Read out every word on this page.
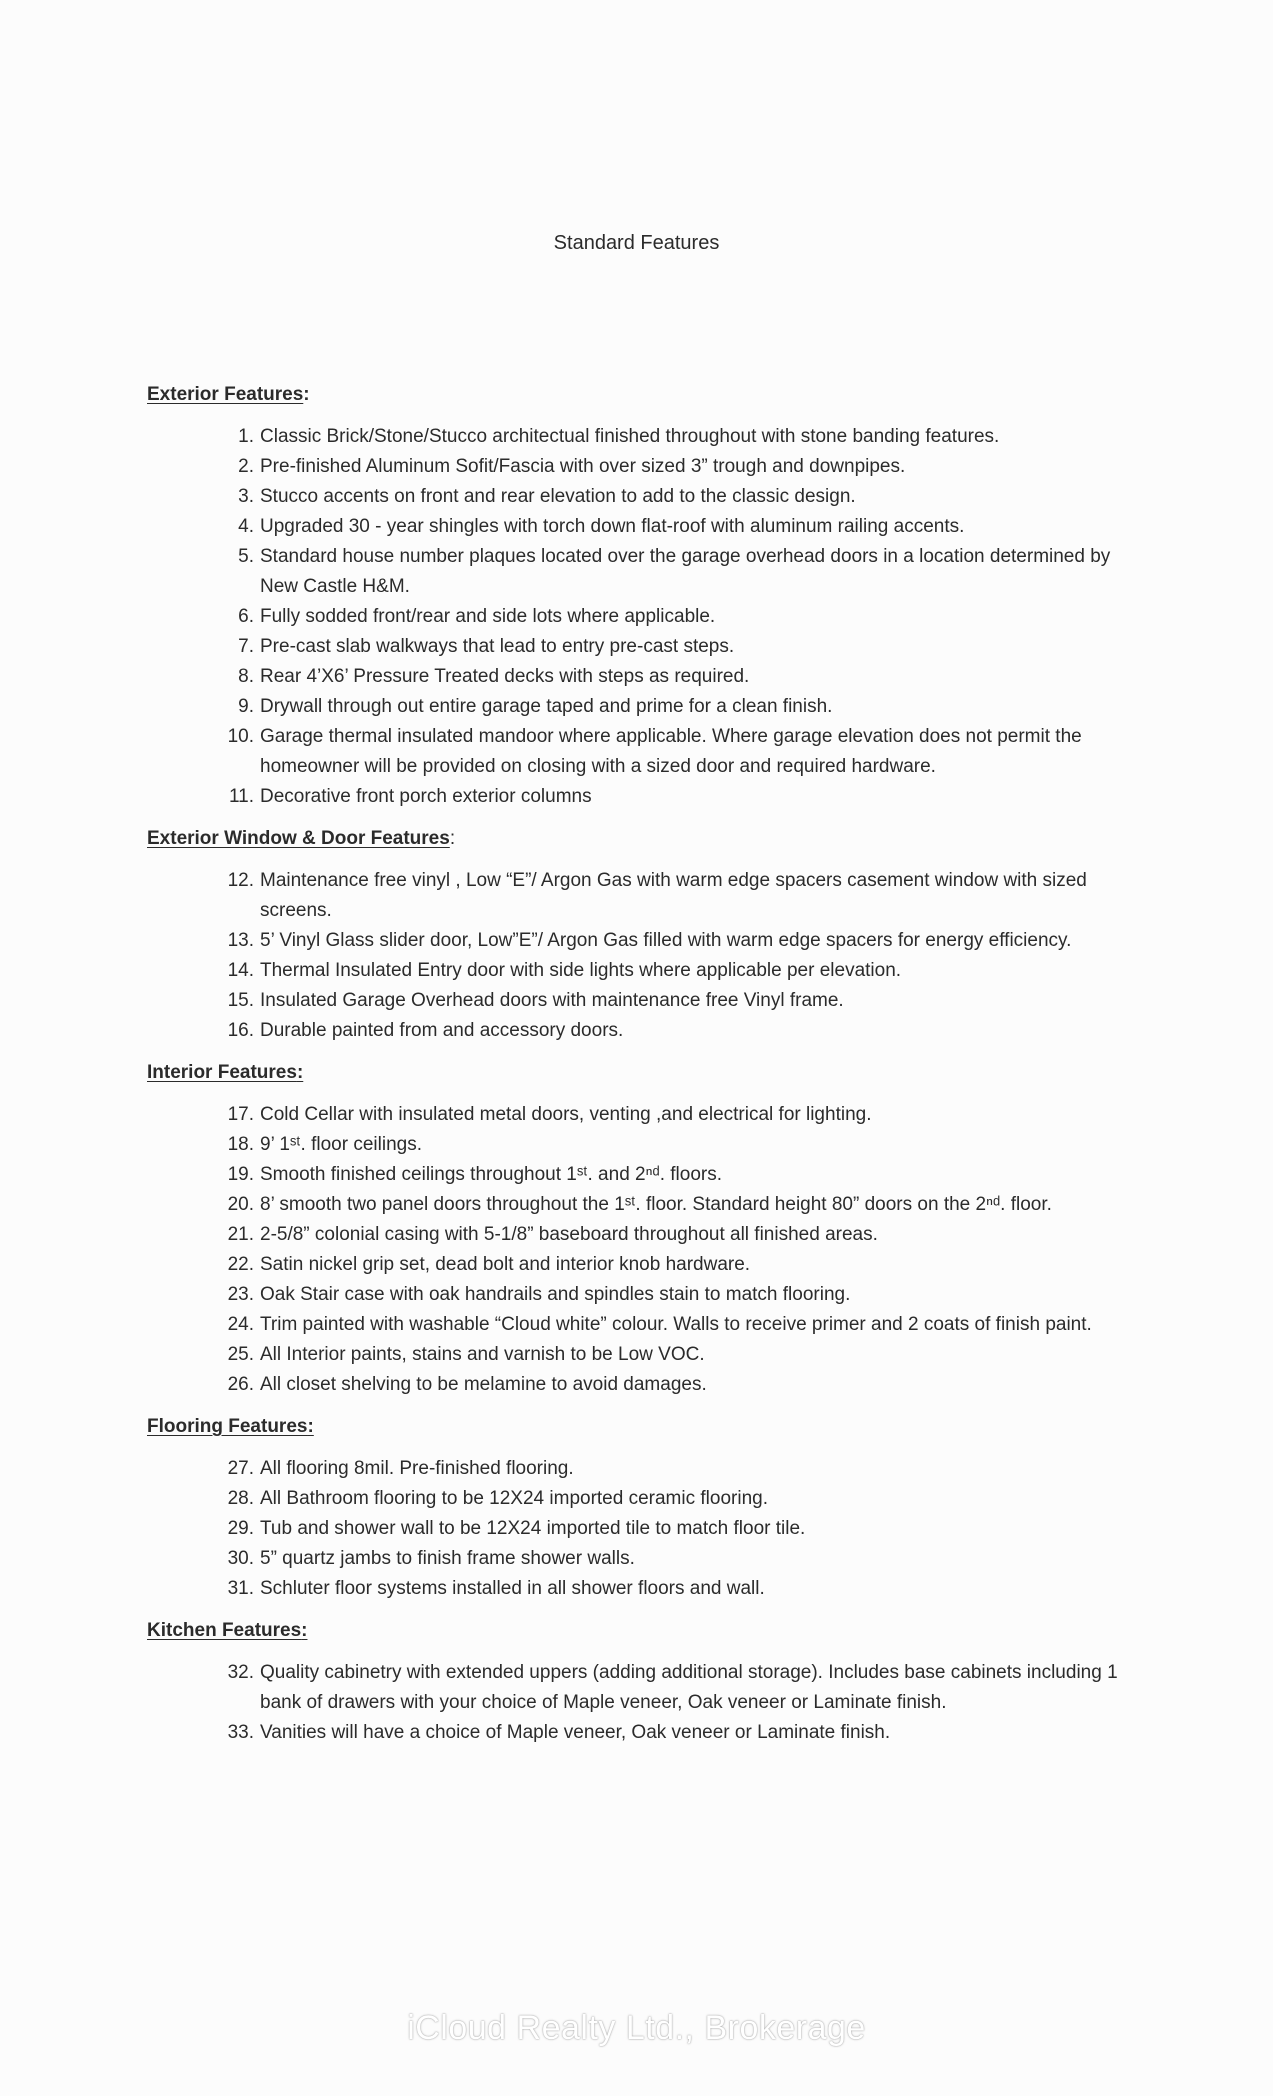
Standard Features
Exterior Features:
1. Classic Brick/Stone/Stucco architectual finished throughout with stone banding features.
2. Pre-finished Aluminum Sofit/Fascia with over sized 3” trough and downpipes.
3. Stucco accents on front and rear elevation to add to the classic design.
4. Upgraded 30 - year shingles with torch down flat-roof with aluminum railing accents.
5. Standard house number plaques located over the garage overhead doors in a location determined by New Castle H&M.
6. Fully sodded front/rear and side lots where applicable.
7. Pre-cast slab walkways that lead to entry pre-cast steps.
8. Rear 4’X6’ Pressure Treated decks with steps as required.
9. Drywall through out entire garage taped and prime for a clean finish.
10. Garage thermal insulated mandoor where applicable. Where garage elevation does not permit the homeowner will be provided on closing with a sized door and required hardware.
11. Decorative front porch exterior columns
Exterior Window & Door Features:
12. Maintenance free vinyl , Low “E”/ Argon Gas with warm edge spacers casement window with sized screens.
13. 5’ Vinyl Glass slider door, Low”E”/ Argon Gas filled with warm edge spacers for energy efficiency.
14. Thermal Insulated Entry door with side lights where applicable per elevation.
15. Insulated Garage Overhead doors with maintenance free Vinyl frame.
16. Durable painted from and accessory doors.
Interior Features:
17. Cold Cellar with insulated metal doors, venting ,and electrical for lighting.
18. 9’ 1ˢᵗ. floor ceilings.
19. Smooth finished ceilings throughout 1ˢᵗ. and 2ⁿᵈ. floors.
20. 8’ smooth two panel doors throughout the 1ˢᵗ. floor. Standard height 80” doors on the 2ⁿᵈ. floor.
21. 2-5/8” colonial casing with 5-1/8” baseboard throughout all finished areas.
22. Satin nickel grip set, dead bolt and interior knob hardware.
23. Oak Stair case with oak handrails and spindles stain to match flooring.
24. Trim painted with washable “Cloud white” colour. Walls to receive primer and 2 coats of finish paint.
25. All Interior paints, stains and varnish to be Low VOC.
26. All closet shelving to be melamine to avoid damages.
Flooring Features:
27. All flooring 8mil. Pre-finished flooring.
28. All Bathroom flooring to be 12X24 imported ceramic flooring.
29. Tub and shower wall to be 12X24 imported tile to match floor tile.
30. 5” quartz jambs to finish frame shower walls.
31. Schluter floor systems installed in all shower floors and wall.
Kitchen Features:
32. Quality cabinetry with extended uppers (adding additional storage). Includes base cabinets including 1 bank of drawers with your choice of Maple veneer, Oak veneer or Laminate finish.
33. Vanities will have a choice of Maple veneer, Oak veneer or Laminate finish.
iCloud Realty Ltd., Brokerage
